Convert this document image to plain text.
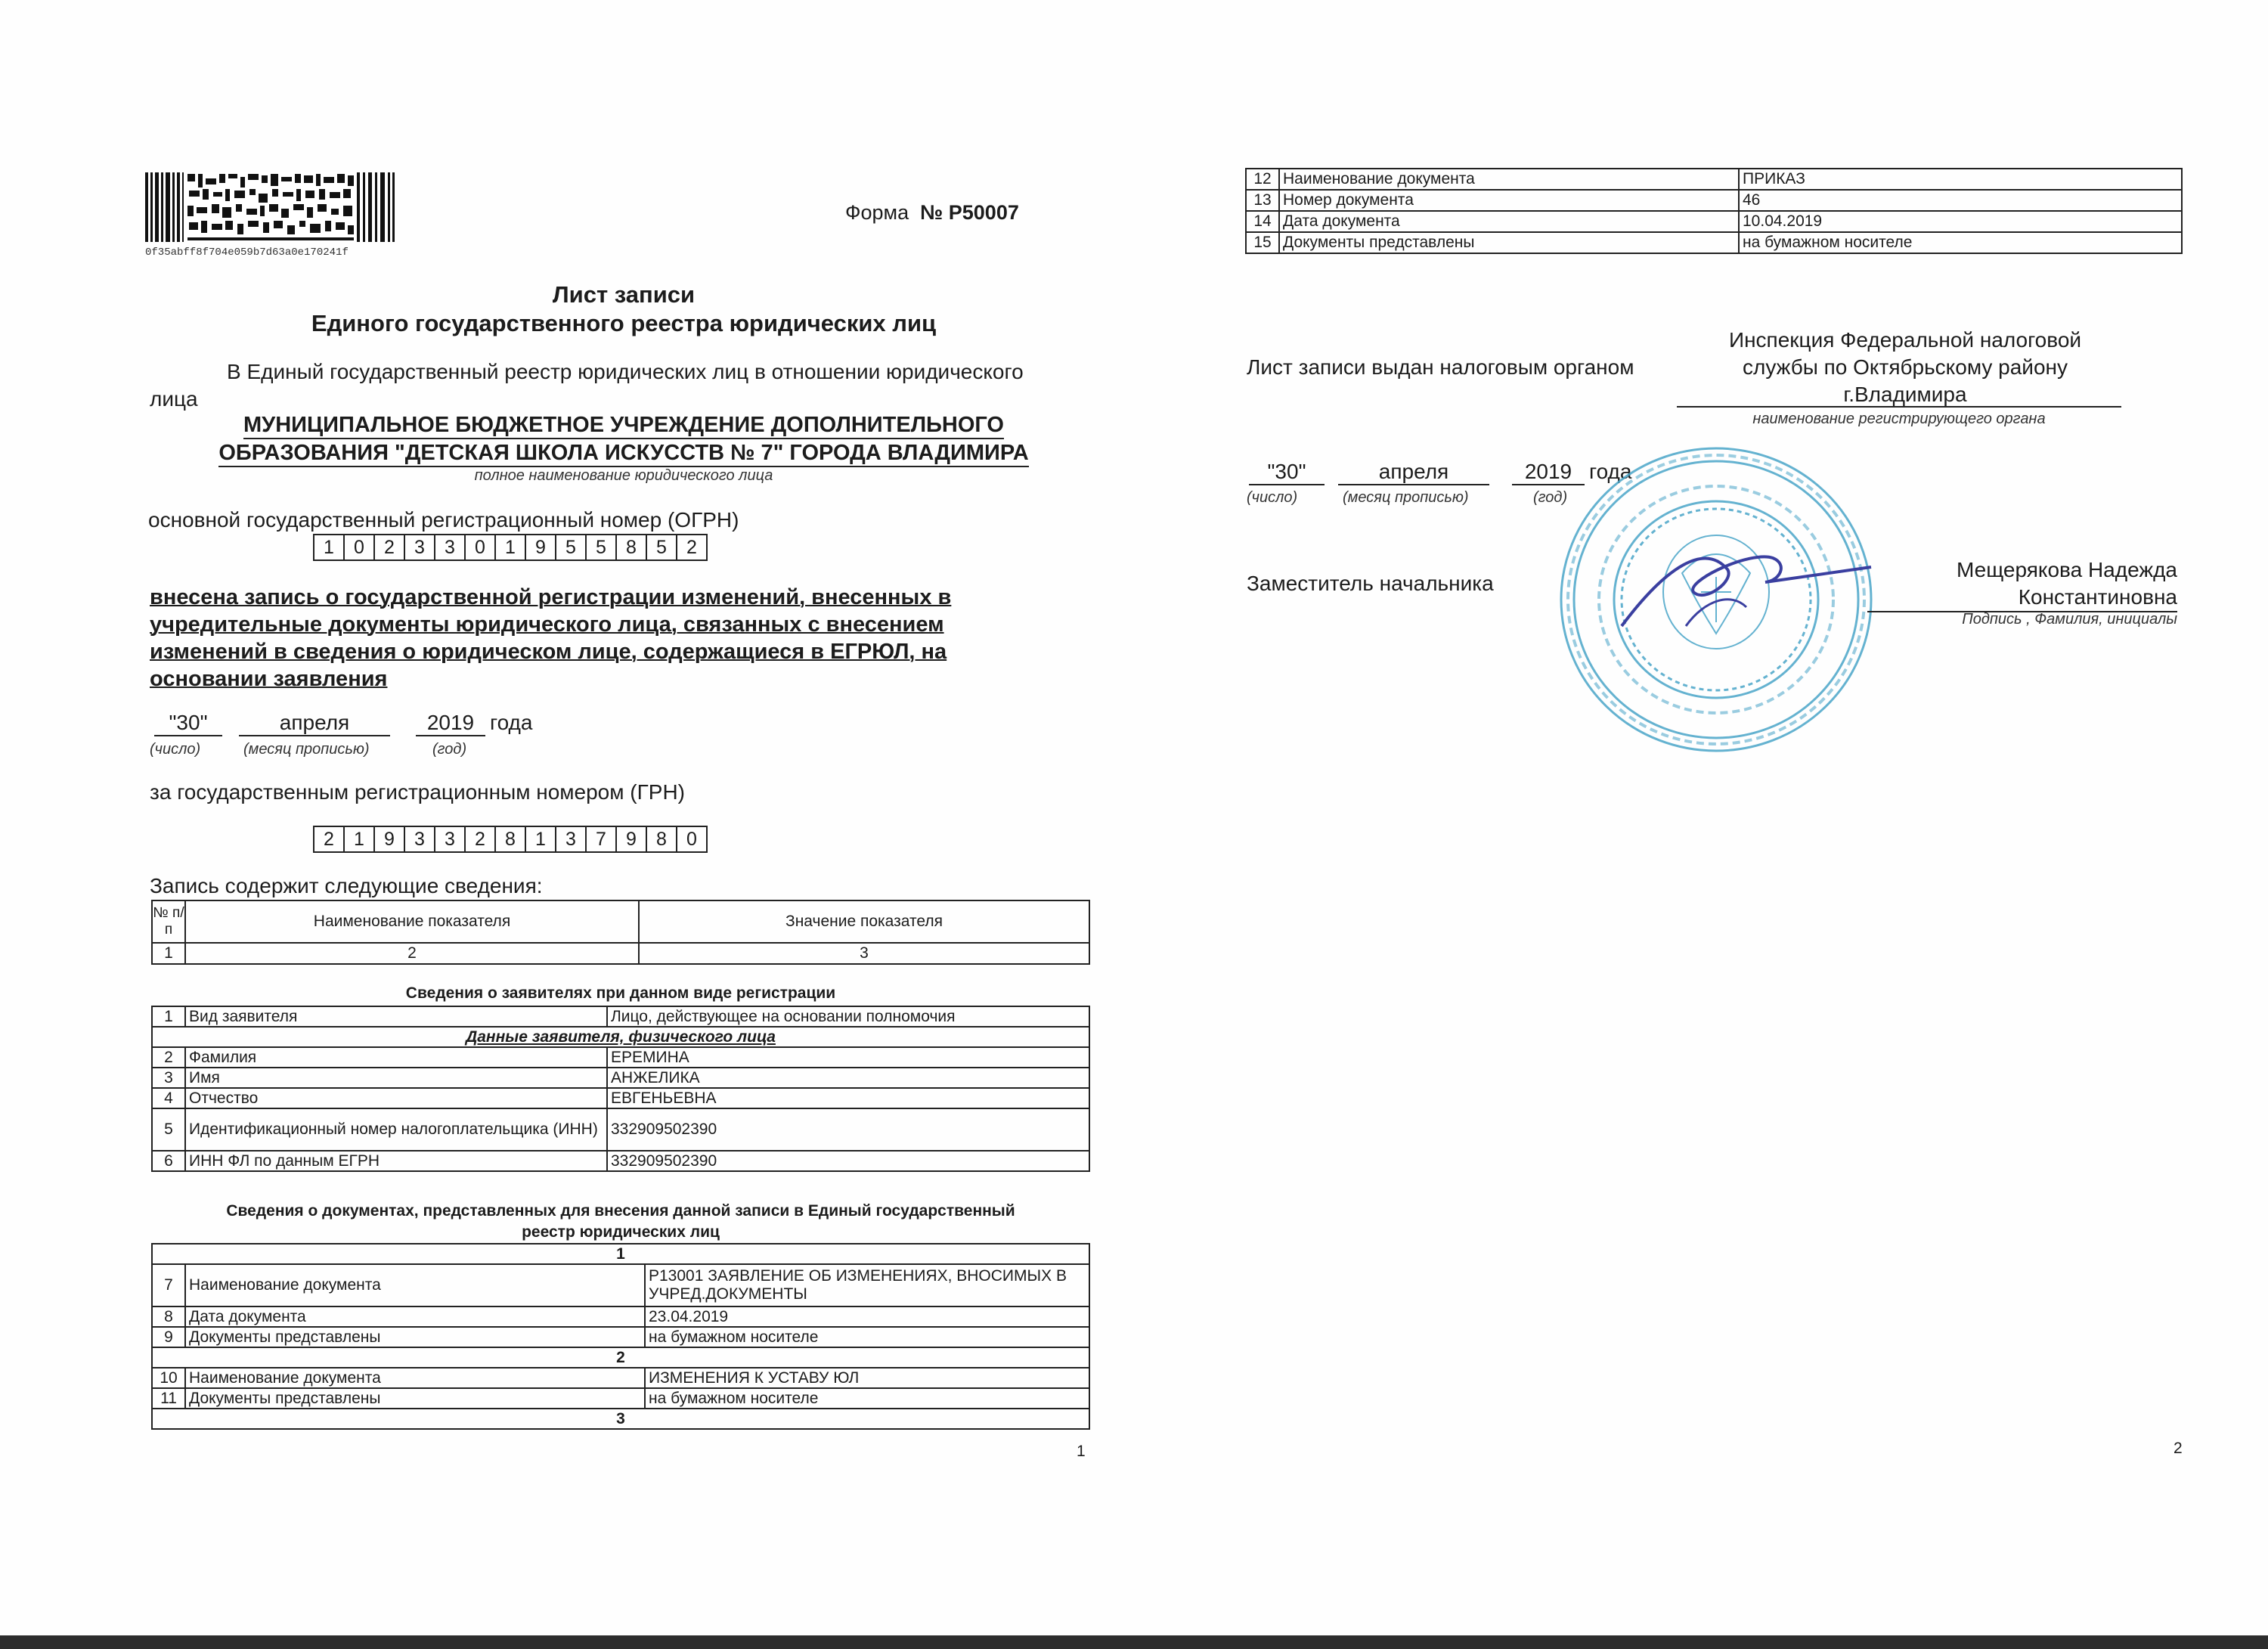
0f35abff8f704e059b7d63a0e170241f
Форма № Р50007
Лист записи
Единого государственного реестра юридических лиц
В Единый государственный реестр юридических лиц в отношении юридического
лица
МУНИЦИПАЛЬНОЕ БЮДЖЕТНОЕ УЧРЕЖДЕНИЕ ДОПОЛНИТЕЛЬНОГО
ОБРАЗОВАНИЯ "ДЕТСКАЯ ШКОЛА ИСКУССТВ № 7" ГОРОДА ВЛАДИМИРА
полное наименование юридического лица
основной государственный регистрационный номер (ОГРН)
1	0	2	3	3	0	1	9	5	5	8	5	2
внесена запись о государственной регистрации изменений, внесенных в
учредительные документы юридического лица, связанных с внесением
изменений в сведения о юридическом лице, содержащиеся в ЕГРЮЛ, на
основании заявления
"30"	апреля	2019 года
(число)	(месяц прописью)	(год)
за государственным регистрационным номером (ГРН)
2	1	9	3	3	2	8	1	3	7	9	8	0
Запись содержит следующие сведения:
№ п/п	Наименование показателя	Значение показателя
1	2	3
Сведения о заявителях при данном виде регистрации
1	Вид заявителя	Лицо, действующее на основании полномочия
Данные заявителя, физического лица		
2	Фамилия	ЕРЕМИНА
3	Имя	АНЖЕЛИКА
4	Отчество	ЕВГЕНЬЕВНА
5	Идентификационный номер налогоплательщика (ИНН)	332909502390
6	ИНН ФЛ по данным ЕГРН	332909502390
Сведения о документах, представленных для внесения данной записи в Единый государственный
реестр юридических лиц
1		
7	Наименование документа	Р13001 ЗАЯВЛЕНИЕ ОБ ИЗМЕНЕНИЯХ, ВНОСИМЫХ В УЧРЕД.ДОКУМЕНТЫ
8	Дата документа	23.04.2019
9	Документы представлены	на бумажном носителе
2		
10	Наименование документа	ИЗМЕНЕНИЯ К УСТАВУ ЮЛ
11	Документы представлены	на бумажном носителе
3		
1
12	Наименование документа	ПРИКАЗ
13	Номер документа	46
14	Дата документа	10.04.2019
15	Документы представлены	на бумажном носителе
Лист записи выдан налоговым органом
Инспекция Федеральной налоговой
службы по Октябрьскому району
г.Владимира
наименование регистрирующего органа
"30"	апреля	2019 года
(число)	(месяц прописью)	(год)
Заместитель начальника
Мещерякова Надежда
Константиновна
Подпись , Фамилия, инициалы
2
